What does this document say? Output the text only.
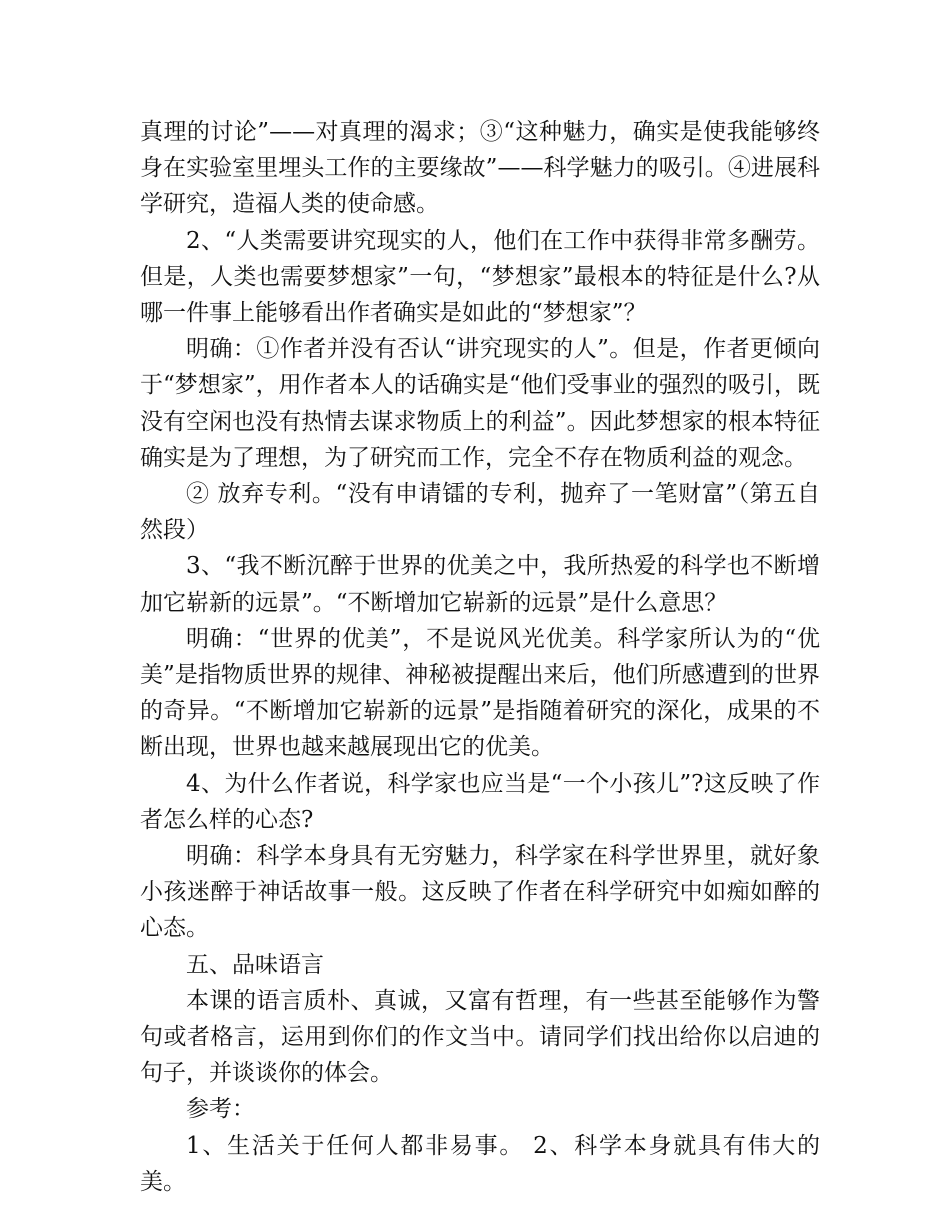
真理的讨论”——对真理的渴求；③“这种魅力，确实是使我能够终身在实验室里埋头工作的主要缘故”——科学魅力的吸引。④进展科学研究，造福人类的使命感。

2、“人类需要讲究现实的人，他们在工作中获得非常多酬劳。但是，人类也需要梦想家”一句，“梦想家”最根本的特征是什么?从哪一件事上能够看出作者确实是如此的“梦想家”？

明确：①作者并没有否认“讲究现实的人”。但是，作者更倾向于“梦想家”，用作者本人的话确实是“他们受事业的强烈的吸引，既没有空闲也没有热情去谋求物质上的利益”。因此梦想家的根本特征确实是为了理想，为了研究而工作，完全不存在物质利益的观念。

② 放弃专利。“没有申请镭的专利，抛弃了一笔财富”（第五自然段）

3、“我不断沉醉于世界的优美之中，我所热爱的科学也不断增加它崭新的远景”。“不断增加它崭新的远景”是什么意思？

明确：“世界的优美”，不是说风光优美。科学家所认为的“优美”是指物质世界的规律、神秘被提醒出来后，他们所感遭到的世界的奇异。“不断增加它崭新的远景”是指随着研究的深化，成果的不断出现，世界也越来越展现出它的优美。

4、为什么作者说，科学家也应当是“一个小孩儿”?这反映了作者怎么样的心态?

明确：科学本身具有无穷魅力，科学家在科学世界里，就好象小孩迷醉于神话故事一般。这反映了作者在科学研究中如痴如醉的心态。

五、品味语言

本课的语言质朴、真诚，又富有哲理，有一些甚至能够作为警句或者格言，运用到你们的作文当中。请同学们找出给你以启迪的句子，并谈谈你的体会。

参考：

1、生活关于任何人都非易事。 2、科学本身就具有伟大的美。
